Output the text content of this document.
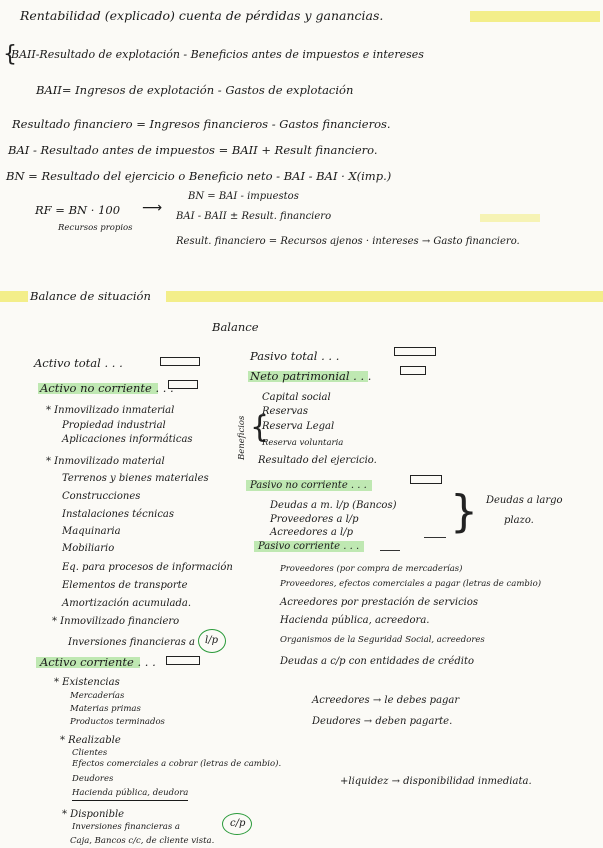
Rentabilidad (explicado) cuenta de pérdidas y ganancias.
{
BAII-Resultado de explotación - Beneficios antes de impuestos e intereses
BAII= Ingresos de explotación - Gastos de explotación
Resultado financiero = Ingresos financieros - Gastos financieros.
BAI - Resultado antes de impuestos = BAII + Result financiero.
BN = Resultado del ejercicio o Beneficio neto - BAI - BAI · X(imp.)
RF = BN · 100
Recursos propios
⟶
BN = BAI - impuestos
BAI - BAII ± Result. financiero
Result. financiero = Recursos ajenos · intereses → Gasto financiero.
Balance de situación
Balance
Activo total . . .
Activo no corriente . . .
* Inmovilizado inmaterial
Propiedad industrial
Aplicaciones informáticas
* Inmovilizado material
Terrenos y bienes materiales
Construcciones
Instalaciones técnicas
Maquinaria
Mobiliario
Eq. para procesos de información
Elementos de transporte
Amortización acumulada.
* Inmovilizado financiero
Inversiones financieras a l/p
Activo corriente . . .
* Existencias
Mercaderías
Materias primas
Productos terminados
* Realizable
Clientes
Efectos comerciales a cobrar (letras de cambio).
Deudores
Hacienda pública, deudora
* Disponible
Inversiones financieras a	c/p
Caja, Bancos c/c, de cliente vista.
Pasivo total . . .
Neto patrimonial . . .
Capital social
Reservas
{
Beneficios Reserva Legal
Reserva voluntaria
Resultado del ejercicio.
Pasivo no corriente . . .
Deudas a m. l/p (Bancos)
Proveedores a l/p
Acreedores a l/p } Deudas a largo
plazo.
Pasivo corriente . . .
Proveedores (por compra de mercaderías)
Proveedores, efectos comerciales a pagar (letras de cambio)
Acreedores por prestación de servicios
Hacienda pública, acreedora.
Organismos de la Seguridad Social, acreedores
Deudas a c/p con entidades de crédito
Acreedores → le debes pagar
Deudores → deben pagarte.
+liquidez → disponibilidad inmediata.
